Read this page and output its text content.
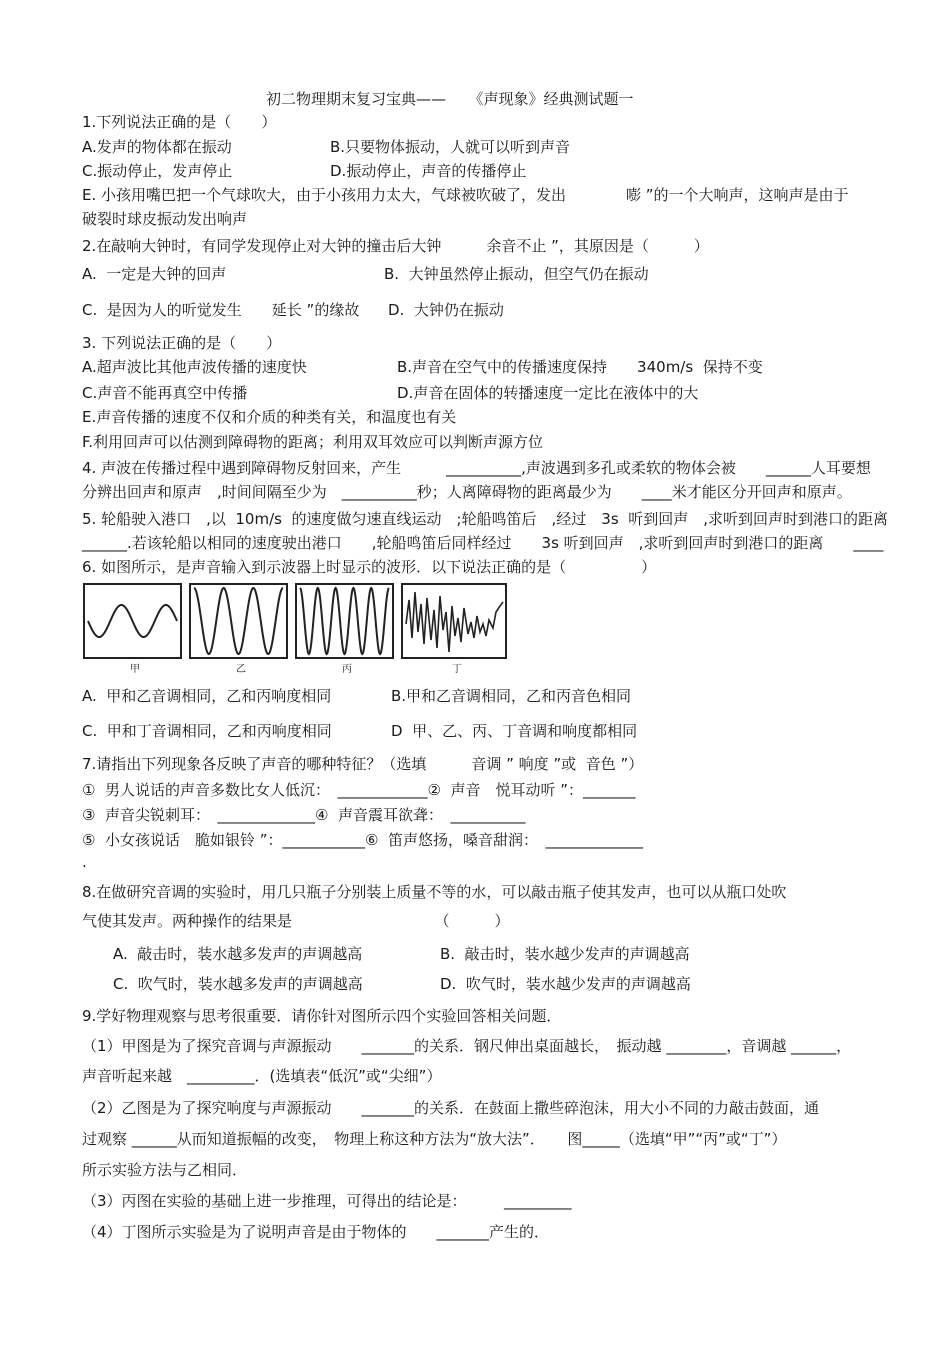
初二物理期末复习宝典——　　《声现象》经典测试题一
1.下列说法正确的是（　　）
A.发声的物体都在振动	B.只要物体振动，人就可以听到声音
C.振动停止，发声停止	D.振动停止，声音的传播停止
E. 小孩用嘴巴把一个气球吹大，由于小孩用力太大，气球被吹破了，发出　　　　嘭 ”的一个大响声，这响声是由于
破裂时球皮振动发出响声
2.在敲响大钟时，有同学发现停止对大钟的撞击后大钟　　　余音不止 ”，其原因是（　　　）
A.  一定是大钟的回声	B.  大钟虽然停止振动，但空气仍在振动
C.  是因为人的听觉发生　　延长 ”的缘故 D.  大钟仍在振动
3. 下列说法正确的是（　　）
A.超声波比其他声波传播的速度快	B.声音在空气中的传播速度保持　　340m/s  保持不变
C.声音不能再真空中传播	D.声音在固体的转播速度一定比在液体中的大
E.声音传播的速度不仅和介质的种类有关，和温度也有关
F.利用回声可以估测到障碍物的距离；利用双耳效应可以判断声源方位
4. 声波在传播过程中遇到障碍物反射回来，产生　　　__________,声波遇到多孔或柔软的物体会被　　______人耳要想
分辨出回声和原声　,时间间隔至少为　__________秒；人离障碍物的距离最少为　　____米才能区分开回声和原声。
5. 轮船驶入港口　,以  10m/s  的速度做匀速直线运动　;轮船鸣笛后　,经过　3s  听到回声　,求听到回声时到港口的距离
______.若该轮船以相同的速度驶出港口　　,轮船鸣笛后同样经过　　3s 听到回声　,求听到回声时到港口的距离　　____
6. 如图所示，是声音输入到示波器上时显示的波形．以下说法正确的是（　　　　　）
甲	乙	丙	丁
A.  甲和乙音调相同，乙和丙响度相同	B.甲和乙音调相同，乙和丙音色相同
C.  甲和丁音调相同，乙和丙响度相同	D  甲、乙、丙、丁音调和响度都相同
7.请指出下列现象各反映了声音的哪种特征？（选填　　　音调 ” 响度 ”或  音色 ”）
①  男人说话的声音多数比女人低沉：　____________②  声音　悦耳动听 ”：_______
③  声音尖锐刺耳：　_____________④  声音震耳欲聋：　__________
⑤  小女孩说话　脆如银铃 ”：___________⑥  笛声悠扬，嗓音甜润：　_____________
.
8.在做研究音调的实验时，用几只瓶子分别装上质量不等的水，可以敲击瓶子使其发声，也可以从瓶口处吹
气使其发声。两种操作的结果是　　　　　　　　　　（　　　）
A.  敲击时，装水越多发声的声调越高	B.  敲击时，装水越少发声的声调越高
C.  吹气时，装水越多发声的声调越高	D.  吹气时，装水越少发声的声调越高
9.学好物理观察与思考很重要．请你针对图所示四个实验回答相关问题．
（1）甲图是为了探究音调与声源振动　　_______的关系．钢尺伸出桌面越长，　振动越 ________，音调越 ______，
声音听起来越　_________．(选填表“低沉”或“尖细”）
（2）乙图是为了探究响度与声源振动　　_______的关系．在鼓面上撒些碎泡沫，用大小不同的力敲击鼓面，通
过观察 ______从而知道振幅的改变，　物理上称这种方法为“放大法”．　　图_____（选填“甲”“丙”或“丁”）
所示实验方法与乙相同．
（3）丙图在实验的基础上进一步推理，可得出的结论是：　　　_________
（4）丁图所示实验是为了说明声音是由于物体的　　_______产生的．
